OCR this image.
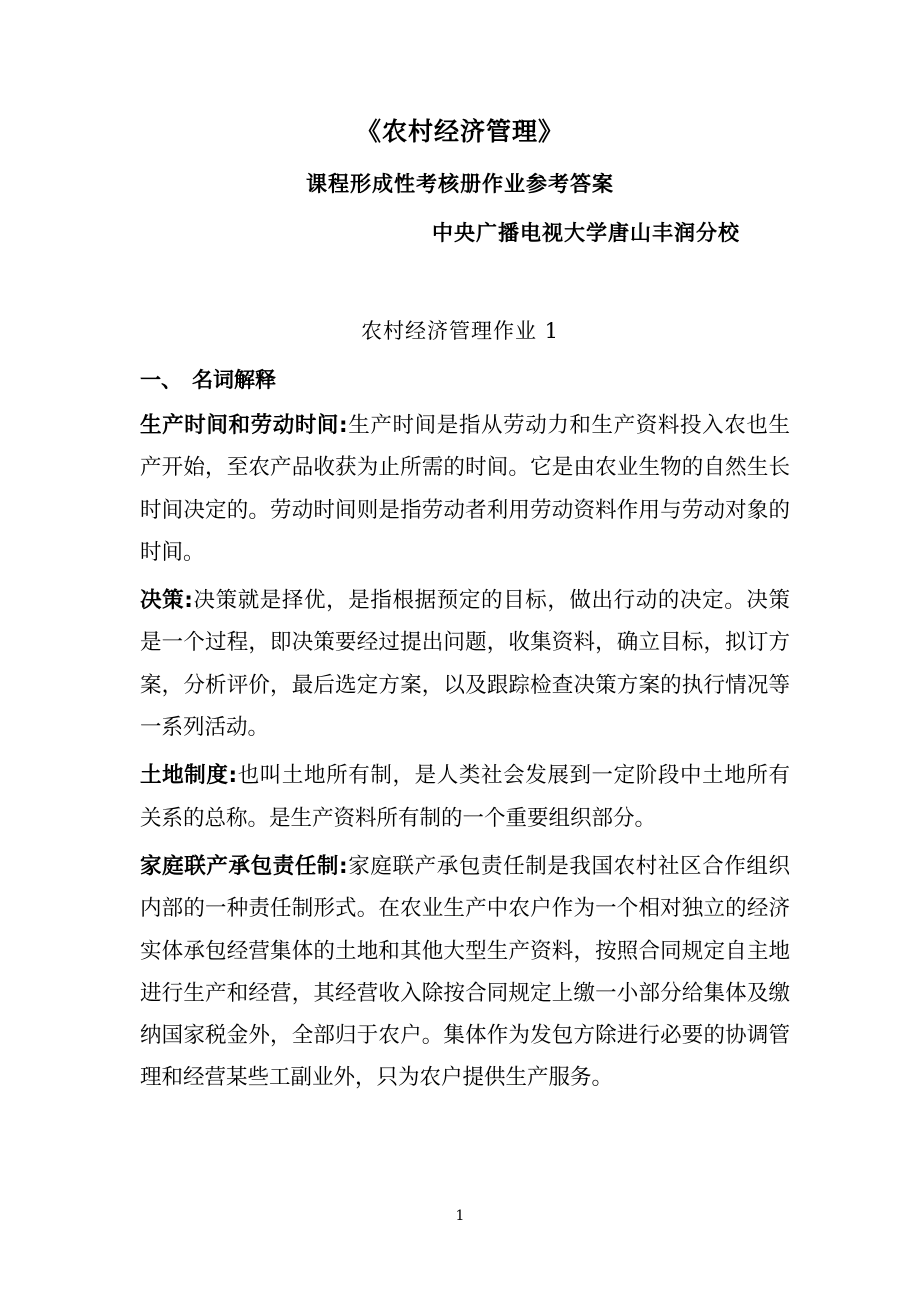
《农村经济管理》
课程形成性考核册作业参考答案
中央广播电视大学唐山丰润分校
农村经济管理作业 1
一、 名词解释

生产时间和劳动时间:生产时间是指从劳动力和生产资料投入农也生产开始，至农产品收获为止所需的时间。它是由农业生物的自然生长时间决定的。劳动时间则是指劳动者利用劳动资料作用与劳动对象的时间。

决策:决策就是择优，是指根据预定的目标，做出行动的决定。决策是一个过程，即决策要经过提出问题，收集资料，确立目标，拟订方案，分析评价，最后选定方案，以及跟踪检查决策方案的执行情况等一系列活动。

土地制度:也叫土地所有制，是人类社会发展到一定阶段中土地所有关系的总称。是生产资料所有制的一个重要组织部分。

家庭联产承包责任制:家庭联产承包责任制是我国农村社区合作组织内部的一种责任制形式。在农业生产中农户作为一个相对独立的经济实体承包经营集体的土地和其他大型生产资料，按照合同规定自主地进行生产和经营，其经营收入除按合同规定上缴一小部分给集体及缴纳国家税金外，全部归于农户。集体作为发包方除进行必要的协调管理和经营某些工副业外，只为农户提供生产服务。

1
